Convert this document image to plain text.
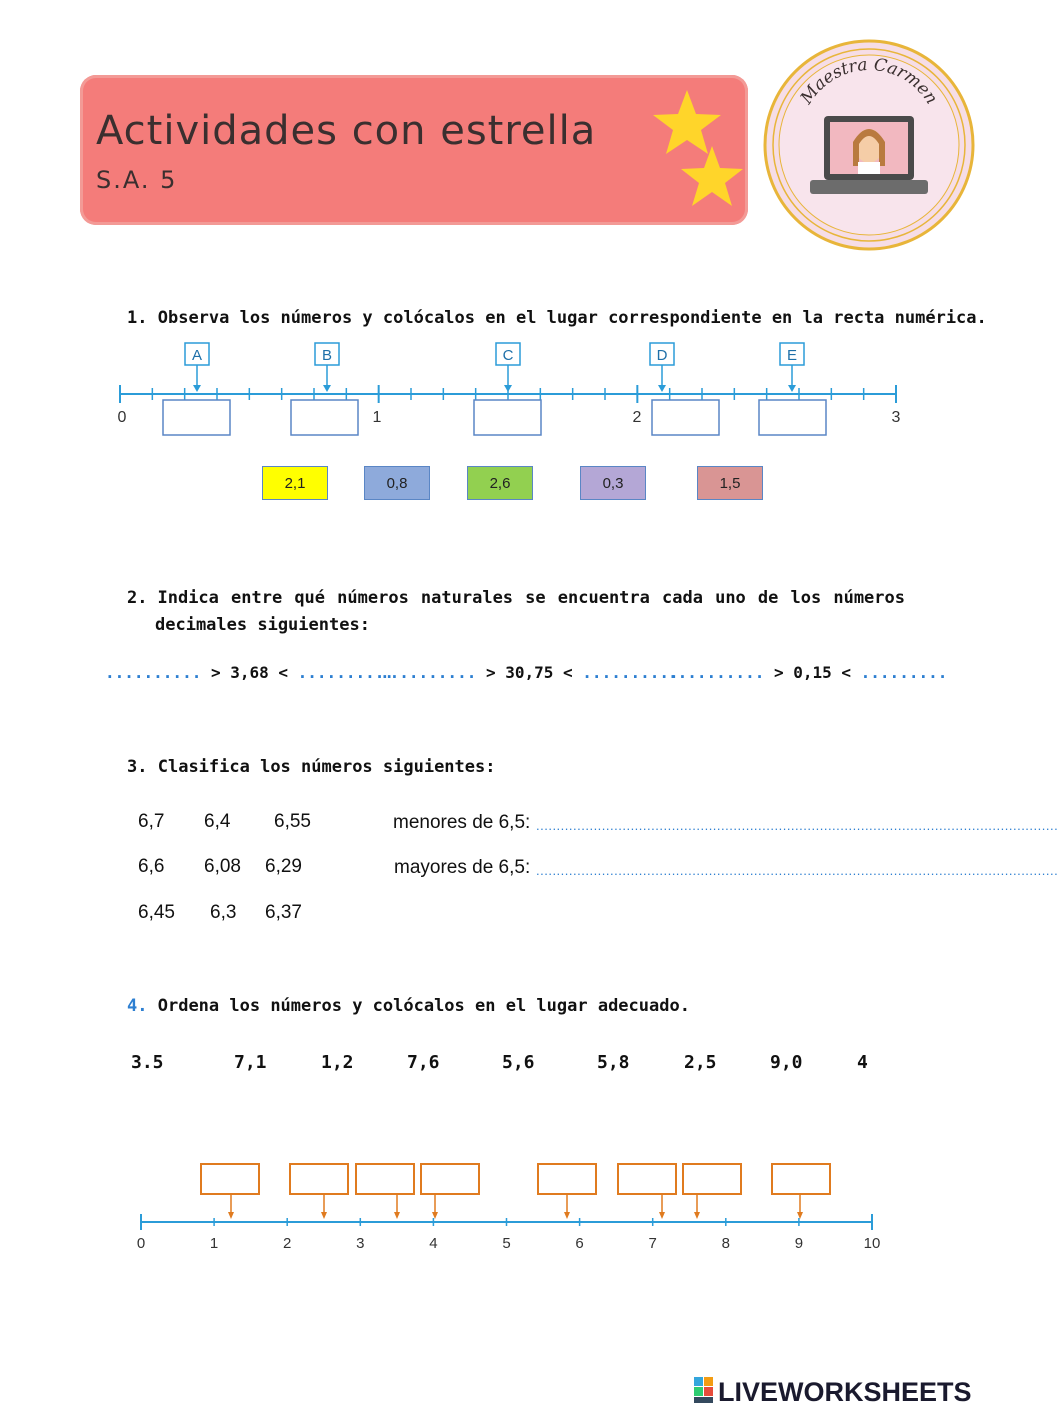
Actividades con estrella
S.A. 5
Maestra Carmen
1. Observa los números y colócalos en el lugar correspondiente en la recta numérica.
A	B	C	D	E
0	1	2	3
2,1	0,8	2,6	0,3	1,5
2. Indica entre qué números naturales se encuentra cada uno de los números
decimales siguientes:
.......... > 3,68 < ..........
.......... > 30,75 < ..........
.......... > 0,15 < .........
3. Clasifica los números siguientes:
6,7 6,4 6,55
6,6 6,08 6,29
6,45 6,3 6,37
menores de 6,5: ...............................................................................................................................
mayores de 6,5: ...............................................................................................................................
4. Ordena los números y colócalos en el lugar adecuado.
3.5	7,1	1,2	7,6	5,6	5,8	2,5	9,0	4
0	1	2	3	4	5	6	7	8	9	10
LIVEWORKSHEETS
